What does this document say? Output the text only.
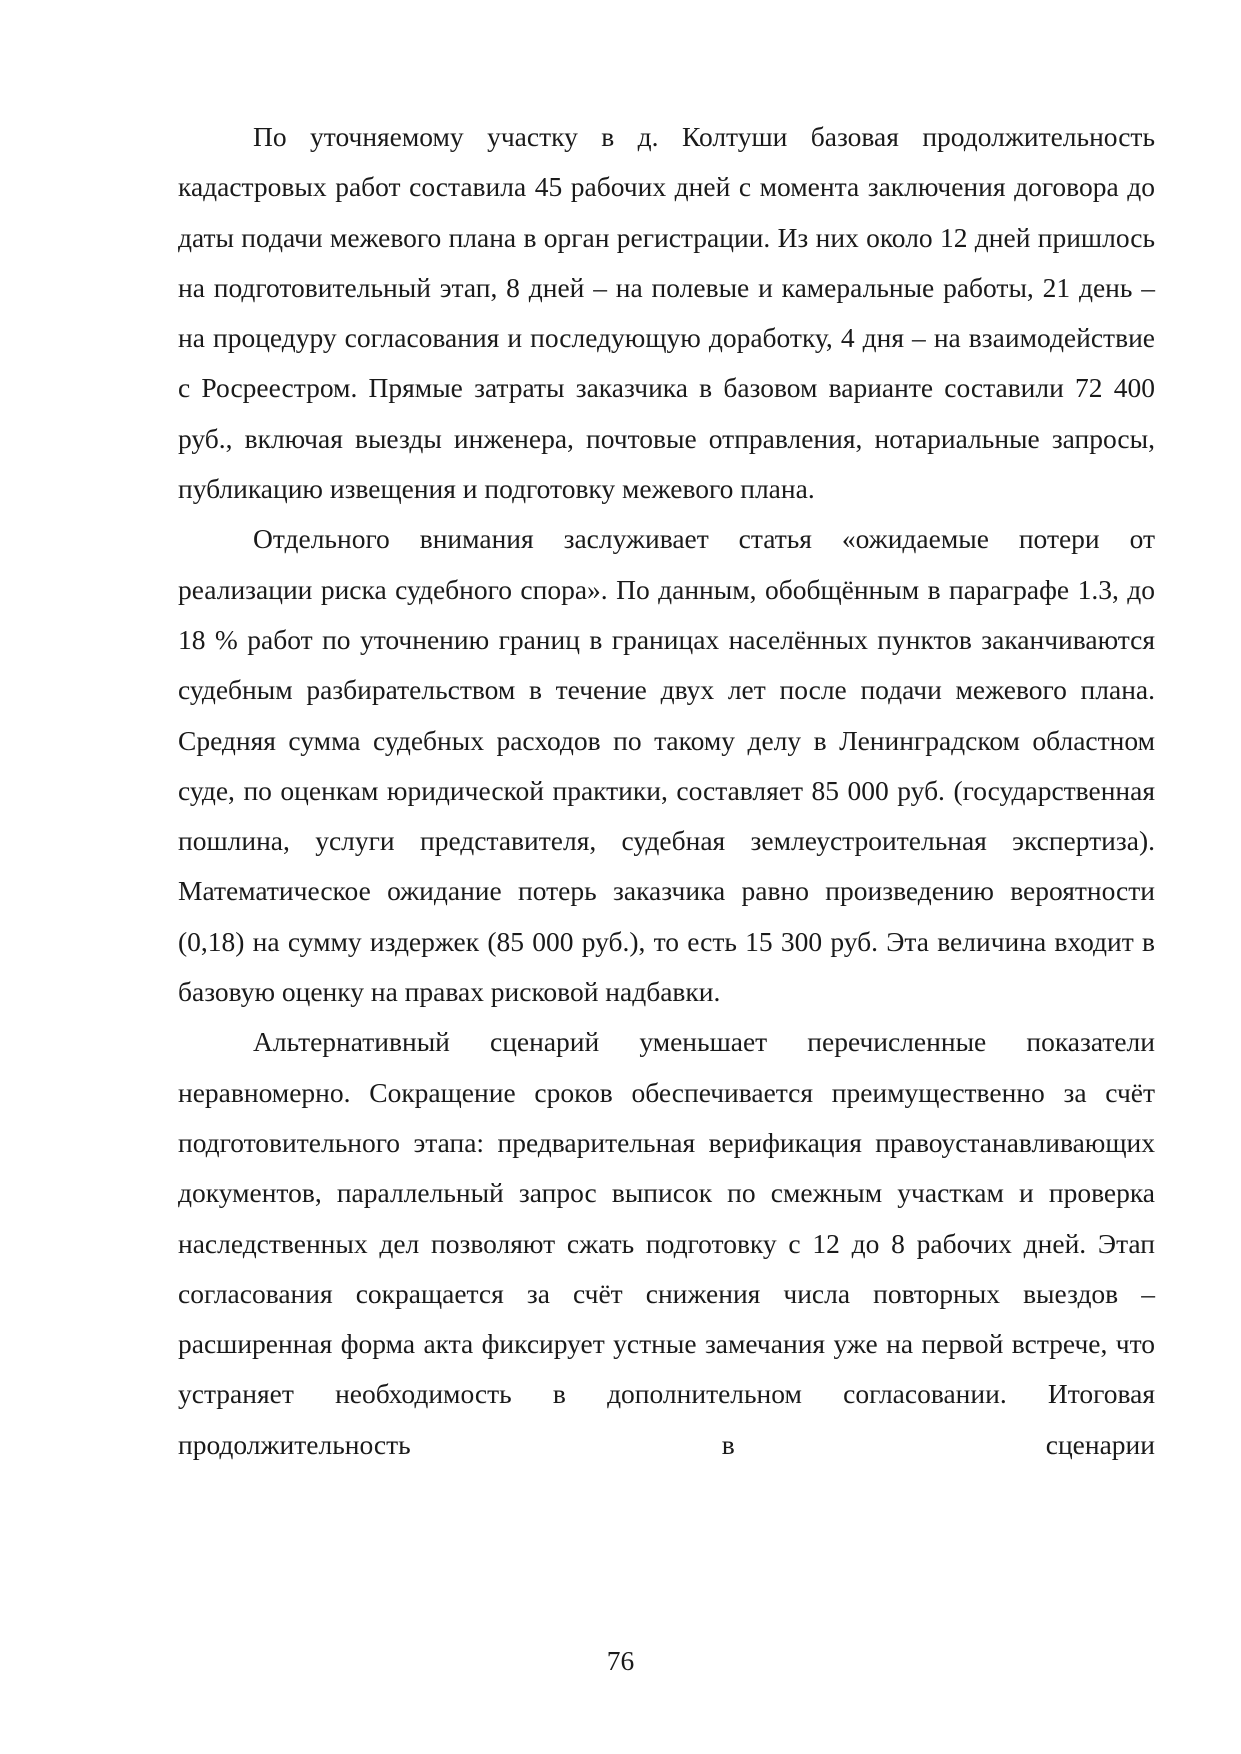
По уточняемому участку в д. Колтуши базовая продолжительность кадастровых работ составила 45 рабочих дней с момента заключения договора до даты подачи межевого плана в орган регистрации. Из них около 12 дней пришлось на подготовительный этап, 8 дней – на полевые и камеральные работы, 21 день – на процедуру согласования и последующую доработку, 4 дня – на взаимодействие с Росреестром. Прямые затраты заказчика в базовом варианте составили 72 400 руб., включая выезды инженера, почтовые отправления, нотариальные запросы, публикацию извещения и подготовку межевого плана.

Отдельного внимания заслуживает статья «ожидаемые потери от реализации риска судебного спора». По данным, обобщённым в параграфе 1.3, до 18 % работ по уточнению границ в границах населённых пунктов заканчиваются судебным разбирательством в течение двух лет после подачи межевого плана. Средняя сумма судебных расходов по такому делу в Ленинградском областном суде, по оценкам юридической практики, составляет 85 000 руб. (государственная пошлина, услуги представителя, судебная землеустроительная экспертиза). Математическое ожидание потерь заказчика равно произведению вероятности (0,18) на сумму издержек (85 000 руб.), то есть 15 300 руб. Эта величина входит в базовую оценку на правах рисковой надбавки.

Альтернативный сценарий уменьшает перечисленные показатели неравномерно. Сокращение сроков обеспечивается преимущественно за счёт подготовительного этапа: предварительная верификация правоустанавливающих документов, параллельный запрос выписок по смежным участкам и проверка наследственных дел позволяют сжать подготовку с 12 до 8 рабочих дней. Этап согласования сокращается за счёт снижения числа повторных выездов – расширенная форма акта фиксирует устные замечания уже на первой встрече, что устраняет необходимость в дополнительном согласовании. Итоговая продолжительность в сценарии

76
